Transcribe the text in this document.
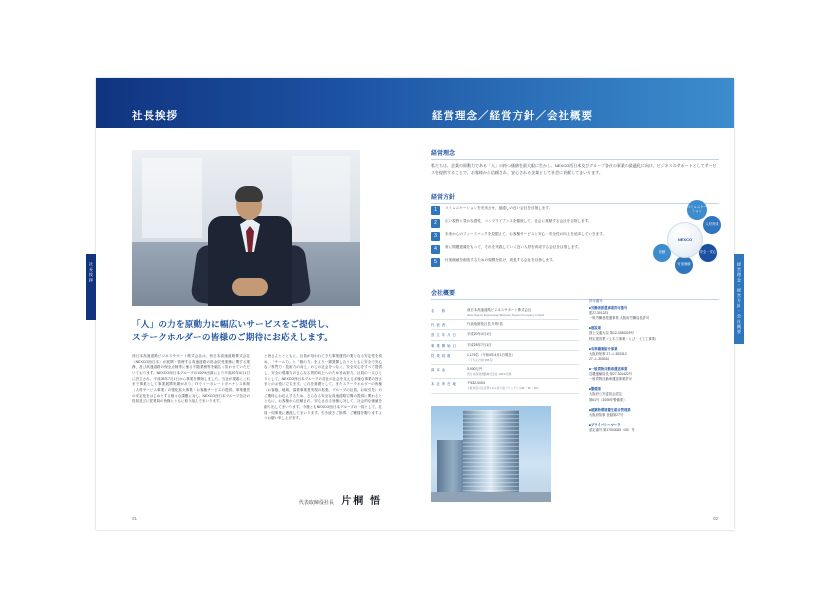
社長挨拶	経営理念／経営方針／会社概要
社長挨拶	経営理念・経営方針・会社概要
「人」の力を原動力に幅広いサービスをご提供し、
ステークホルダーの皆様のご期待にお応えします。
西日本高速道路ビジネスサポート株式会社は、西日本高速道路株式会社（NEXCO西日本）が展開・管理する高速道路の料金収受業務に関する業務、及び高速道路の保全点検等に係る不随業務等を幅広く担わせていただいております。NEXCO西日本グループの100%出資により平成20年4月1日に設立され、平成28年7月1日から事業を開始しました。当社が果敢にこれまで事業として事業展開実績があり、ITでコーポレートガバナンス体制（人材サービス事業）の強化拡大事業・お客様サービスの提供、事業運営の安定化をはじめとする様々な課題に対し、NEXCO西日本グループ各社の役員並びに従業員の皆様とともに取り組んでまいります。
と皆さんととともに、社員が培われてきた事業運営の要となる安定性を高め、「チーム力」と「個の力」をより一層発揮し合うとともに安全で安心な「専門力・技術力の向上」のこの社会をつなぐ、安全安心をすべて提供し、安全の現場力のさらなる質的向上へのたゆまぬ努力、社員の一人ひとりとして、NEXCO西日本グループの各社の社会を支える多様な事業の皆さまとのお役に立ちます。これを基礎として、またステークホルダーの皆様（お客様、地域、協業事業者実現の拡張、グループの社員、お取引先）のご期待にお応えするため、さらなる安全な高速道路空間の提供に関わるとともに、お客様から信頼され、安心される皆様に対して、社会的な価値を創り出してまいります。今後ともNEXCO西日本グループの一員として、社員一同事業に邁進してまいります。引き続きご指導、ご鞭撻を賜りますようお願い申し上げます。
代表取締役社長 片桐 悟
01
経営理念
私たちは、企業の原動力である「人」の持つ価値を最大限に生かし、NEXCO西日本及びグループ各社の事業の最適化に向け、ビジネスのサポートとしてサービスを提供することで、お客様から信頼され、安心される企業として社会に貢献してまいります。
経営方針
1	コミュニケーションを充実させ、風通しの良い会社を目指します。
2	広い視野と豊かな感性、コンプライアンスを徹底して、社会に貢献する会社を目指します。
3	未来からのフィードバックを見据えて、お客様サービスと安心・安全性の向上を追求していきます。
4	常に問題意識をもって、それを実践していく良い人材を育成する会社を目指します。
5	付加価値を創造するための規模を拡げ、成長する会社を目指します。
コミュニケーション
人材育成
安全・安心
付加価値
信頼
NEXCO
会社概要
名　称	西日本高速道路ビジネスサポート株式会社
West Nippon Expressway Business Support Company Limited
代表者	代表取締役社長 片桐 悟
設立年月日	平成20年4月1日
事業開始日	平成28年7月1日
従業員数	1,176名（令和4年4月1日現在）
（うち正社員 384名）
資本金	3,000万円
西日本高速道路株式会社 100%出資
本社所在地	〒532-0003
大阪市淀川区宮原1-6-1 新大阪ブリックビル8F・9F・11F
許可番号
■労働者派遣事業許可番号
派27-301223
一般労働者派遣事業 大阪府労働局長許可
■建設業
国土交通大臣 第12-0330029号
特定建設業（土木工事業・とび・土工工事業）
■有料職業紹介事業
大阪府知事 27-ユ-300310
27-ユ-300310
■一般貨物自動車運送事業
近畿運輸局長 第27-301422号
一般貨物自動車運送事業許可
■警備業
大阪府公安委員会認定
第61号（2005年警備業）
■建築物環境衛生総合管理業
大阪府知事 登録第27号
■プライバシーマーク
認定番号 第17003025（05）号
02
